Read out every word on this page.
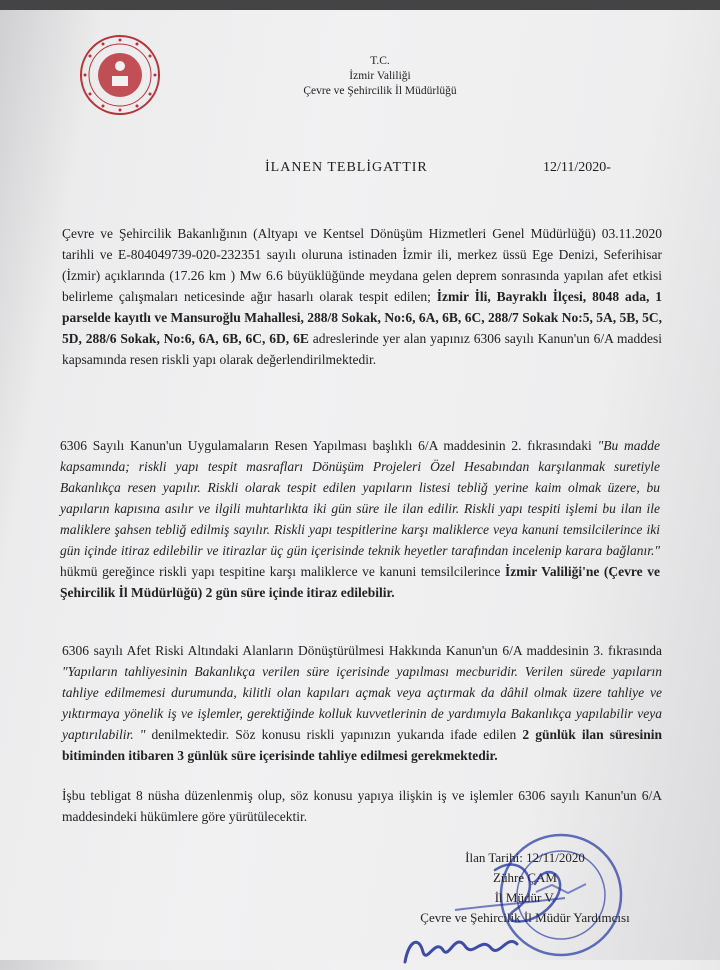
T.C.
İzmir Valiliği
Çevre ve Şehircilik İl Müdürlüğü
İLANEN TEBLİGATTIR	12/11/2020-
Çevre ve Şehircilik Bakanlığının (Altyapı ve Kentsel Dönüşüm Hizmetleri Genel Müdürlüğü) 03.11.2020 tarihli ve E-804049739-020-232351 sayılı oluruna istinaden İzmir ili, merkez üssü Ege Denizi, Seferihisar (İzmir) açıklarında (17.26 km ) Mw 6.6 büyüklüğünde meydana gelen deprem sonrasında yapılan afet etkisi belirleme çalışmaları neticesinde ağır hasarlı olarak tespit edilen; İzmir İli, Bayraklı İlçesi, 8048 ada, 1 parselde kayıtlı ve Mansuroğlu Mahallesi, 288/8 Sokak, No:6, 6A, 6B, 6C, 288/7 Sokak No:5, 5A, 5B, 5C, 5D, 288/6 Sokak, No:6, 6A, 6B, 6C, 6D, 6E adreslerinde yer alan yapınız 6306 sayılı Kanun'un 6/A maddesi kapsamında resen riskli yapı olarak değerlendirilmektedir.
6306 Sayılı Kanun'un Uygulamaların Resen Yapılması başlıklı 6/A maddesinin 2. fıkrasındaki "Bu madde kapsamında; riskli yapı tespit masrafları Dönüşüm Projeleri Özel Hesabından karşılanmak suretiyle Bakanlıkça resen yapılır. Riskli olarak tespit edilen yapıların listesi tebliğ yerine kaim olmak üzere, bu yapıların kapısına asılır ve ilgili muhtarlıkta iki gün süre ile ilan edilir. Riskli yapı tespiti işlemi bu ilan ile maliklere şahsen tebliğ edilmiş sayılır. Riskli yapı tespitlerine karşı maliklerce veya kanuni temsilcilerince iki gün içinde itiraz edilebilir ve itirazlar üç gün içerisinde teknik heyetler tarafından incelenip karara bağlanır." hükmü gereğince riskli yapı tespitine karşı maliklerce ve kanuni temsilcilerince İzmir Valiliği'ne (Çevre ve Şehircilik İl Müdürlüğü) 2 gün süre içinde itiraz edilebilir.
6306 sayılı Afet Riski Altındaki Alanların Dönüştürülmesi Hakkında Kanun'un 6/A maddesinin 3. fıkrasında "Yapıların tahliyesinin Bakanlıkça verilen süre içerisinde yapılması mecburidir. Verilen sürede yapıların tahliye edilmemesi durumunda, kilitli olan kapıları açmak veya açtırmak da dâhil olmak üzere tahliye ve yıktırmaya yönelik iş ve işlemler, gerektiğinde kolluk kuvvetlerinin de yardımıyla Bakanlıkça yapılabilir veya yaptırılabilir. " denilmektedir. Söz konusu riskli yapınızın yukarıda ifade edilen 2 günlük ilan süresinin bitiminden itibaren 3 günlük süre içerisinde tahliye edilmesi gerekmektedir.
İşbu tebligat 8 nüsha düzenlenmiş olup, söz konusu yapıya ilişkin iş ve işlemler 6306 sayılı Kanun'un 6/A maddesindeki hükümlere göre yürütülecektir.
İlan Tarihi: 12/11/2020
Zühre ÇAM
İl Müdür V.
Çevre ve Şehircilik İl Müdür Yardımcısı
